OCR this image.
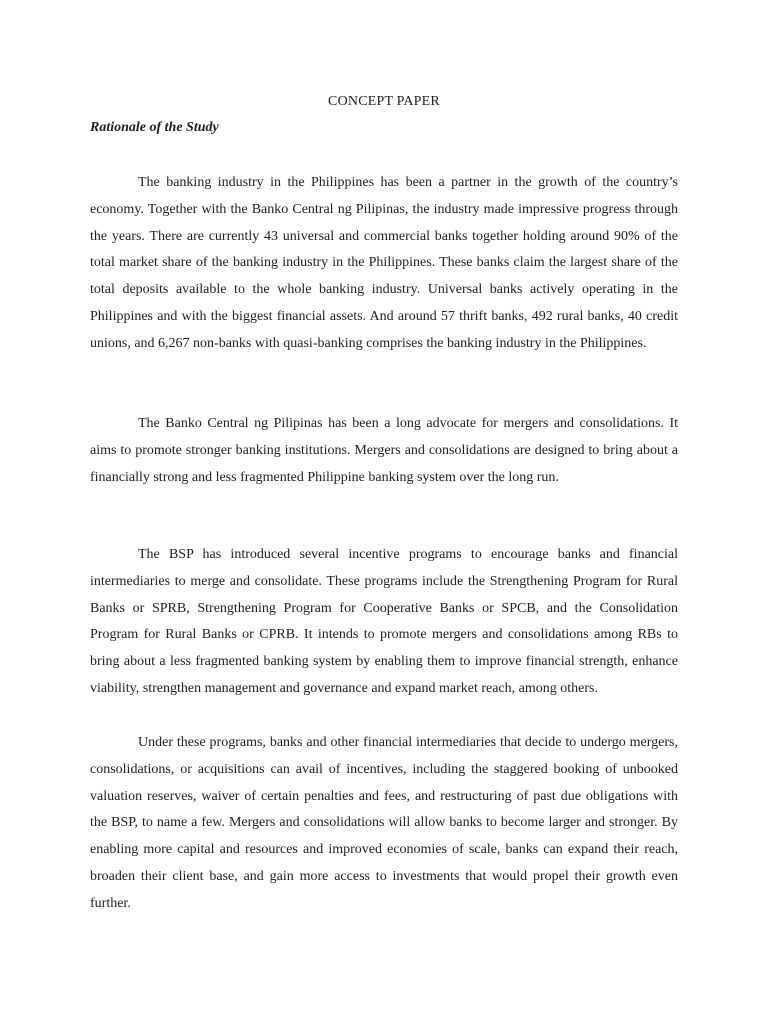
CONCEPT PAPER
Rationale of the Study

The banking industry in the Philippines has been a partner in the growth of the country’s economy. Together with the Banko Central ng Pilipinas, the industry made impressive progress through the years. There are currently 43 universal and commercial banks together holding around 90% of the total market share of the banking industry in the Philippines. These banks claim the largest share of the total deposits available to the whole banking industry. Universal banks actively operating in the Philippines and with the biggest financial assets. And around 57 thrift banks, 492 rural banks, 40 credit unions, and 6,267 non-banks with quasi-banking comprises the banking industry in the Philippines.

The Banko Central ng Pilipinas has been a long advocate for mergers and consolidations. It aims to promote stronger banking institutions. Mergers and consolidations are designed to bring about a financially strong and less fragmented Philippine banking system over the long run.

The BSP has introduced several incentive programs to encourage banks and financial intermediaries to merge and consolidate. These programs include the Strengthening Program for Rural Banks or SPRB, Strengthening Program for Cooperative Banks or SPCB, and the Consolidation Program for Rural Banks or CPRB. It intends to promote mergers and consolidations among RBs to bring about a less fragmented banking system by enabling them to improve financial strength, enhance viability, strengthen management and governance and expand market reach, among others.

Under these programs, banks and other financial intermediaries that decide to undergo mergers, consolidations, or acquisitions can avail of incentives, including the staggered booking of unbooked valuation reserves, waiver of certain penalties and fees, and restructuring of past due obligations with the BSP, to name a few. Mergers and consolidations will allow banks to become larger and stronger. By enabling more capital and resources and improved economies of scale, banks can expand their reach, broaden their client base, and gain more access to investments that would propel their growth even further.
